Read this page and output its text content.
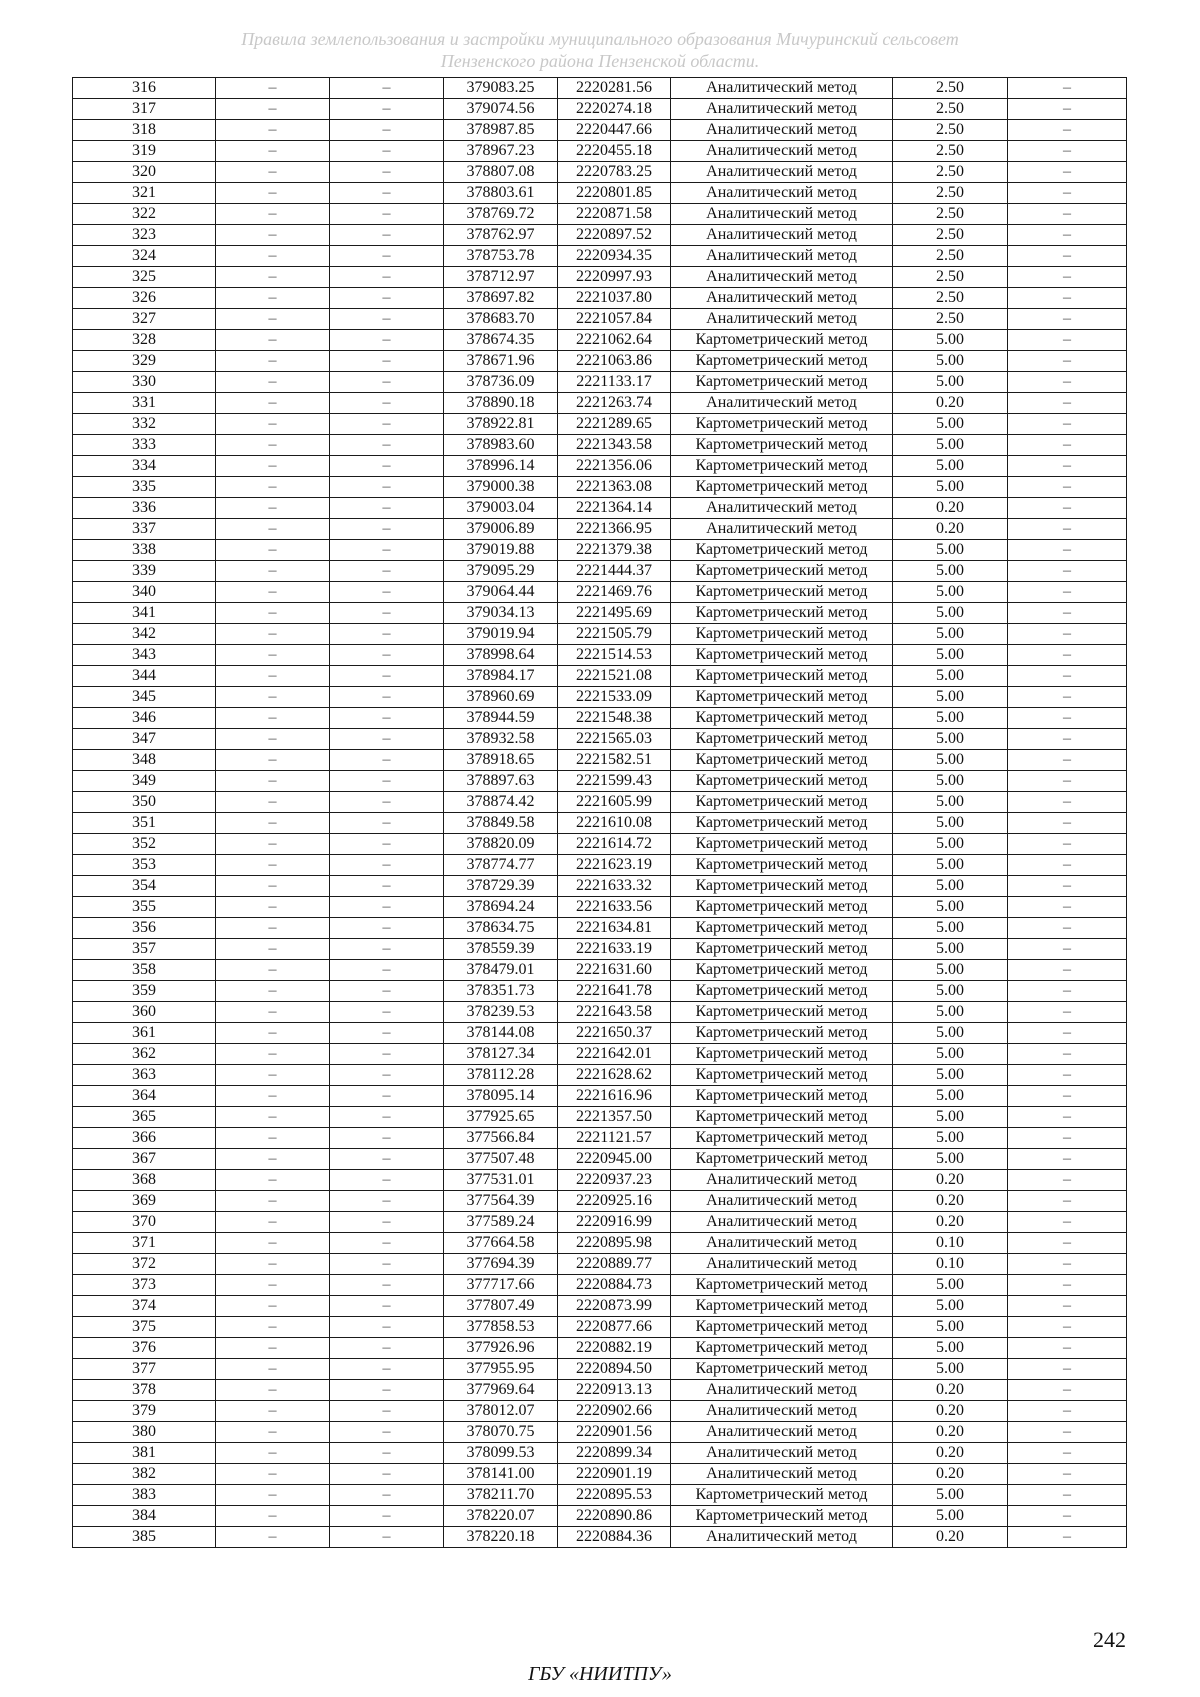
Правила землепользования и застройки муниципального образования Мичуринский сельсовет
Пензенского района Пензенской области.
316	–	–	379083.25	2220281.56	Аналитический метод	2.50	–
317	–	–	379074.56	2220274.18	Аналитический метод	2.50	–
318	–	–	378987.85	2220447.66	Аналитический метод	2.50	–
319	–	–	378967.23	2220455.18	Аналитический метод	2.50	–
320	–	–	378807.08	2220783.25	Аналитический метод	2.50	–
321	–	–	378803.61	2220801.85	Аналитический метод	2.50	–
322	–	–	378769.72	2220871.58	Аналитический метод	2.50	–
323	–	–	378762.97	2220897.52	Аналитический метод	2.50	–
324	–	–	378753.78	2220934.35	Аналитический метод	2.50	–
325	–	–	378712.97	2220997.93	Аналитический метод	2.50	–
326	–	–	378697.82	2221037.80	Аналитический метод	2.50	–
327	–	–	378683.70	2221057.84	Аналитический метод	2.50	–
328	–	–	378674.35	2221062.64	Картометрический метод	5.00	–
329	–	–	378671.96	2221063.86	Картометрический метод	5.00	–
330	–	–	378736.09	2221133.17	Картометрический метод	5.00	–
331	–	–	378890.18	2221263.74	Аналитический метод	0.20	–
332	–	–	378922.81	2221289.65	Картометрический метод	5.00	–
333	–	–	378983.60	2221343.58	Картометрический метод	5.00	–
334	–	–	378996.14	2221356.06	Картометрический метод	5.00	–
335	–	–	379000.38	2221363.08	Картометрический метод	5.00	–
336	–	–	379003.04	2221364.14	Аналитический метод	0.20	–
337	–	–	379006.89	2221366.95	Аналитический метод	0.20	–
338	–	–	379019.88	2221379.38	Картометрический метод	5.00	–
339	–	–	379095.29	2221444.37	Картометрический метод	5.00	–
340	–	–	379064.44	2221469.76	Картометрический метод	5.00	–
341	–	–	379034.13	2221495.69	Картометрический метод	5.00	–
342	–	–	379019.94	2221505.79	Картометрический метод	5.00	–
343	–	–	378998.64	2221514.53	Картометрический метод	5.00	–
344	–	–	378984.17	2221521.08	Картометрический метод	5.00	–
345	–	–	378960.69	2221533.09	Картометрический метод	5.00	–
346	–	–	378944.59	2221548.38	Картометрический метод	5.00	–
347	–	–	378932.58	2221565.03	Картометрический метод	5.00	–
348	–	–	378918.65	2221582.51	Картометрический метод	5.00	–
349	–	–	378897.63	2221599.43	Картометрический метод	5.00	–
350	–	–	378874.42	2221605.99	Картометрический метод	5.00	–
351	–	–	378849.58	2221610.08	Картометрический метод	5.00	–
352	–	–	378820.09	2221614.72	Картометрический метод	5.00	–
353	–	–	378774.77	2221623.19	Картометрический метод	5.00	–
354	–	–	378729.39	2221633.32	Картометрический метод	5.00	–
355	–	–	378694.24	2221633.56	Картометрический метод	5.00	–
356	–	–	378634.75	2221634.81	Картометрический метод	5.00	–
357	–	–	378559.39	2221633.19	Картометрический метод	5.00	–
358	–	–	378479.01	2221631.60	Картометрический метод	5.00	–
359	–	–	378351.73	2221641.78	Картометрический метод	5.00	–
360	–	–	378239.53	2221643.58	Картометрический метод	5.00	–
361	–	–	378144.08	2221650.37	Картометрический метод	5.00	–
362	–	–	378127.34	2221642.01	Картометрический метод	5.00	–
363	–	–	378112.28	2221628.62	Картометрический метод	5.00	–
364	–	–	378095.14	2221616.96	Картометрический метод	5.00	–
365	–	–	377925.65	2221357.50	Картометрический метод	5.00	–
366	–	–	377566.84	2221121.57	Картометрический метод	5.00	–
367	–	–	377507.48	2220945.00	Картометрический метод	5.00	–
368	–	–	377531.01	2220937.23	Аналитический метод	0.20	–
369	–	–	377564.39	2220925.16	Аналитический метод	0.20	–
370	–	–	377589.24	2220916.99	Аналитический метод	0.20	–
371	–	–	377664.58	2220895.98	Аналитический метод	0.10	–
372	–	–	377694.39	2220889.77	Аналитический метод	0.10	–
373	–	–	377717.66	2220884.73	Картометрический метод	5.00	–
374	–	–	377807.49	2220873.99	Картометрический метод	5.00	–
375	–	–	377858.53	2220877.66	Картометрический метод	5.00	–
376	–	–	377926.96	2220882.19	Картометрический метод	5.00	–
377	–	–	377955.95	2220894.50	Картометрический метод	5.00	–
378	–	–	377969.64	2220913.13	Аналитический метод	0.20	–
379	–	–	378012.07	2220902.66	Аналитический метод	0.20	–
380	–	–	378070.75	2220901.56	Аналитический метод	0.20	–
381	–	–	378099.53	2220899.34	Аналитический метод	0.20	–
382	–	–	378141.00	2220901.19	Аналитический метод	0.20	–
383	–	–	378211.70	2220895.53	Картометрический метод	5.00	–
384	–	–	378220.07	2220890.86	Картометрический метод	5.00	–
385	–	–	378220.18	2220884.36	Аналитический метод	0.20	–
242
ГБУ «НИИТПУ»
